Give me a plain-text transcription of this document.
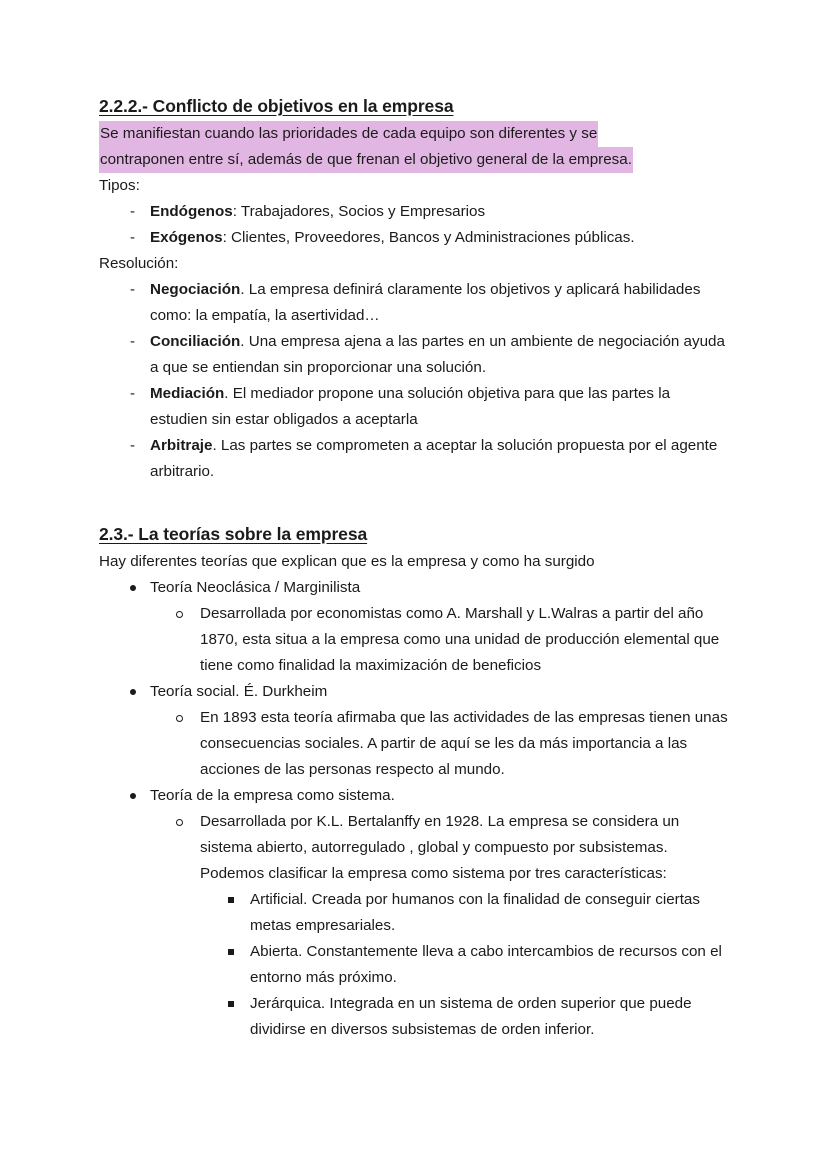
2.2.2.- Conflicto de objetivos en la empresa

Se manifiestan cuando las prioridades de cada equipo son diferentes y se
contraponen entre sí, además de que frenan el objetivo general de la empresa.

Tipos:

- Endógenos: Trabajadores, Socios y Empresarios
- Exógenos: Clientes, Proveedores, Bancos y Administraciones públicas.

Resolución:

- Negociación. La empresa definirá claramente los objetivos y aplicará habilidades como: la empatía, la asertividad…
- Conciliación. Una empresa ajena a las partes en un ambiente de negociación ayuda a que se entiendan sin proporcionar una solución.
- Mediación. El mediador propone una solución objetiva para que las partes la estudien sin estar obligados a aceptarla
- Arbitraje. Las partes se comprometen a aceptar la solución propuesta por el agente arbitrario.
2.3.- La teorías sobre la empresa

Hay diferentes teorías que explican que es la empresa y como ha surgido

Teoría Neoclásica / Marginilista
Desarrollada por economistas como A. Marshall y L.Walras a partir del año 1870, esta situa a la empresa como una unidad de producción elemental que tiene como finalidad la maximización de beneficios
Teoría social. É. Durkheim
En 1893 esta teoría afirmaba que las actividades de las empresas tienen unas consecuencias sociales. A partir de aquí se les da más importancia a las acciones de las personas respecto al mundo.
Teoría de la empresa como sistema.
Desarrollada por K.L. Bertalanffy en 1928. La empresa se considera un sistema abierto, autorregulado , global y compuesto por subsistemas. Podemos clasificar la empresa como sistema por tres características:
Artificial. Creada por humanos con la finalidad de conseguir ciertas metas empresariales.
Abierta. Constantemente lleva a cabo intercambios de recursos con el entorno más próximo.
Jerárquica. Integrada en un sistema de orden superior que puede dividirse en diversos subsistemas de orden inferior.
